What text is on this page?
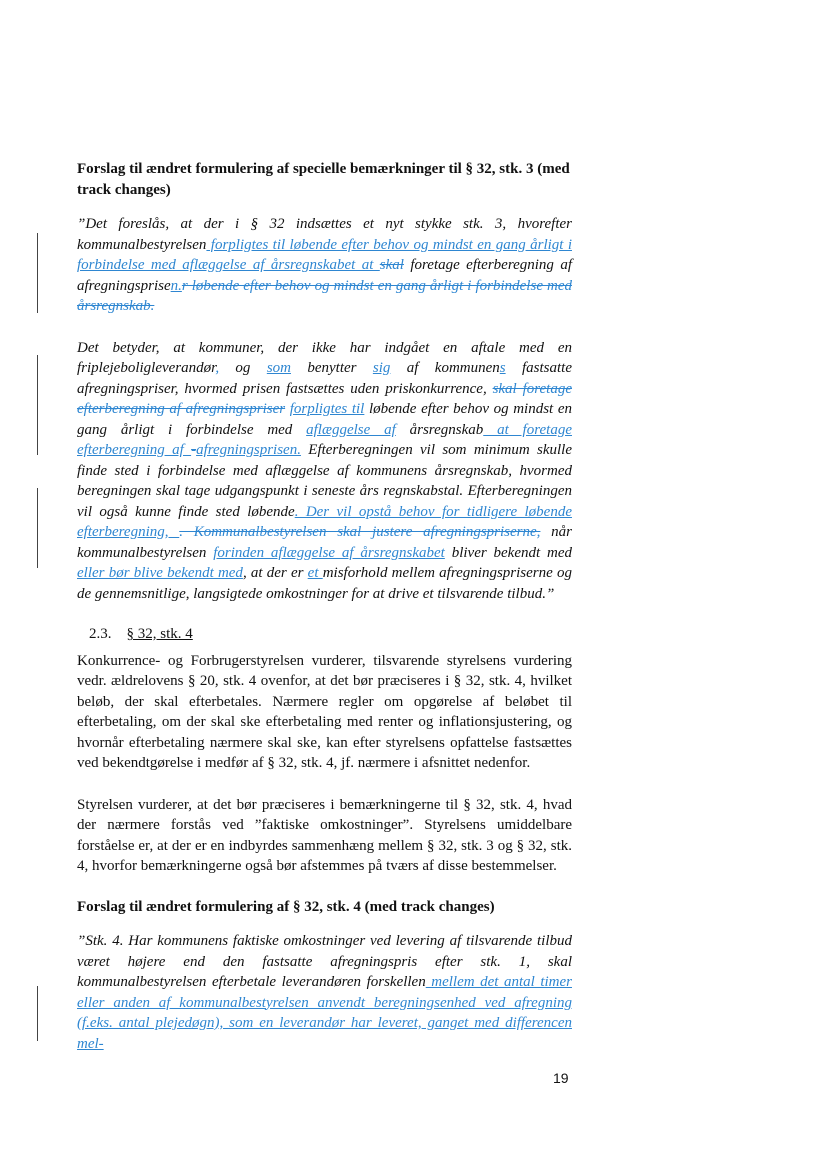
Forslag til ændret formulering af specielle bemærkninger til § 32, stk. 3 (med track changes)

”Det foreslås, at der i § 32 indsættes et nyt stykke stk. 3, hvorefter kommunalbestyrelsen forpligtes til løbende efter behov og mindst en gang årligt i forbindelse med aflæggelse af årsregnskabet at skal foretage efterberegning af afregningsprisen.r løbende efter behov og mindst en gang årligt i forbindelse med årsregnskab.

Det betyder, at kommuner, der ikke har indgået en aftale med en friplejeboligleverandør, og som benytter sig af kommunens fastsatte afregningspriser, hvormed prisen fastsættes uden priskonkurrence, skal foretage efterberegning af afregningspriser forpligtes til løbende efter behov og mindst en gang årligt i forbindelse med aflæggelse af årsregnskab at foretage efterberegning af -afregningsprisen. Efterberegningen vil som minimum skulle finde sted i forbindelse med aflæggelse af kommunens årsregnskab, hvormed beregningen skal tage udgangspunkt i seneste års regnskabstal. Efterberegningen vil også kunne finde sted løbende. Der vil opstå behov for tidligere løbende efterberegning, . Kommunalbestyrelsen skal justere afregningspriserne, når kommunalbestyrelsen forinden aflæggelse af årsregnskabet bliver bekendt med eller bør blive bekendt med, at der er et misforhold mellem afregningspriserne og de gennemsnitlige, langsigtede omkostninger for at drive et tilsvarende tilbud.”

2.3. § 32, stk. 4

Konkurrence- og Forbrugerstyrelsen vurderer, tilsvarende styrelsens vurdering vedr. ældrelovens § 20, stk. 4 ovenfor, at det bør præciseres i § 32, stk. 4, hvilket beløb, der skal efterbetales. Nærmere regler om opgørelse af beløbet til efterbetaling, om der skal ske efterbetaling med renter og inflationsjustering, og hvornår efterbetaling nærmere skal ske, kan efter styrelsens opfattelse fastsættes ved bekendtgørelse i medfør af § 32, stk. 4, jf. nærmere i afsnittet nedenfor.

Styrelsen vurderer, at det bør præciseres i bemærkningerne til § 32, stk. 4, hvad der nærmere forstås ved ”faktiske omkostninger”. Styrelsens umiddelbare forståelse er, at der er en indbyrdes sammenhæng mellem § 32, stk. 3 og § 32, stk. 4, hvorfor bemærkningerne også bør afstemmes på tværs af disse bestemmelser.

Forslag til ændret formulering af § 32, stk. 4 (med track changes)

”Stk. 4. Har kommunens faktiske omkostninger ved levering af tilsvarende tilbud været højere end den fastsatte afregningspris efter stk. 1, skal kommunalbestyrelsen efterbetale leverandøren forskellen mellem det antal timer eller anden af kommunalbestyrelsen anvendt beregningsenhed ved afregning (f.eks. antal plejedøgn), som en leverandør har leveret, ganget med differencen mel-

19
